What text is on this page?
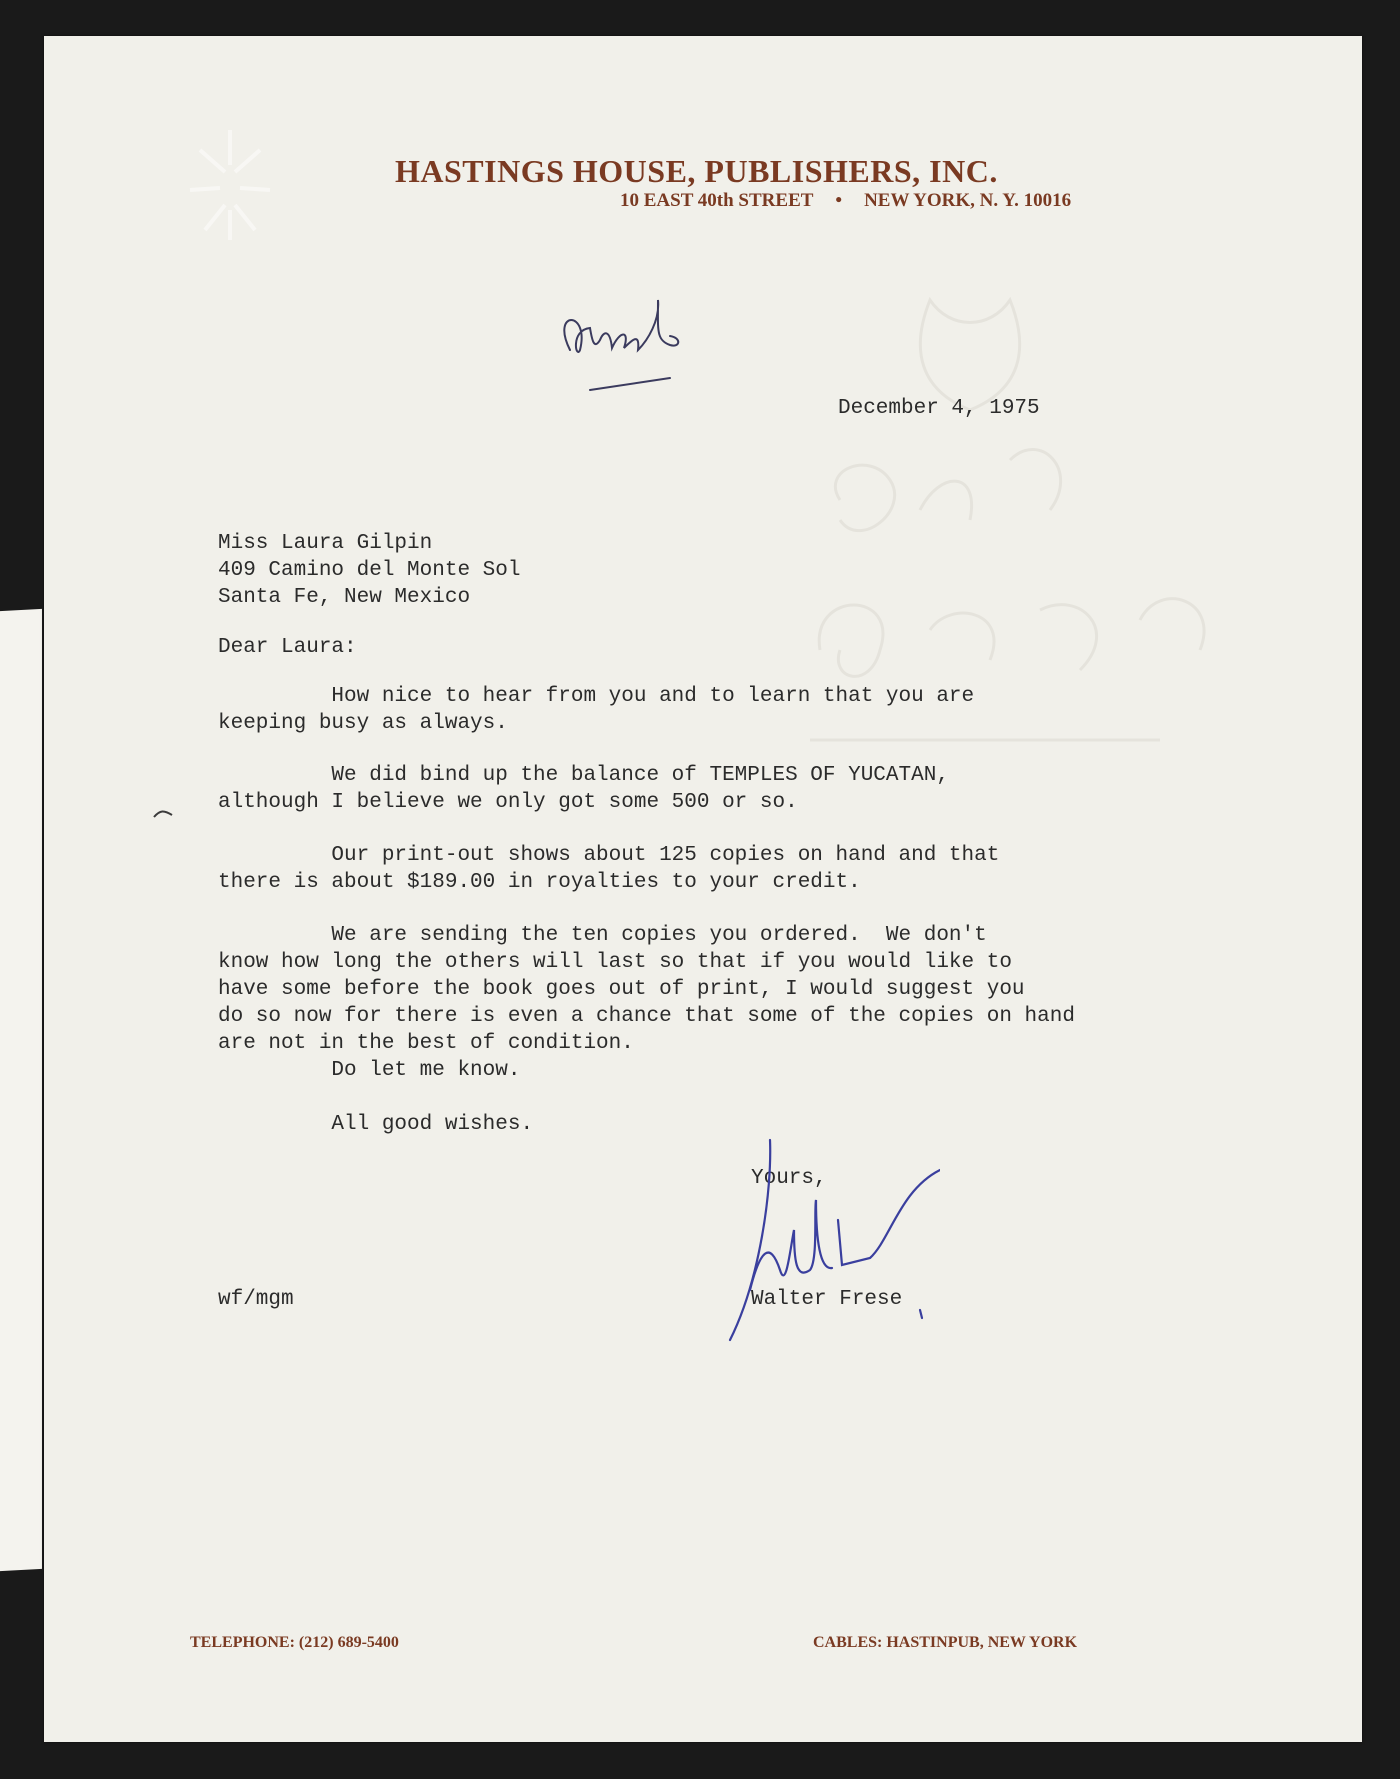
HASTINGS HOUSE, PUBLISHERS, INC.
10 EAST 40th STREET • NEW YORK, N. Y. 10016
December 4, 1975
Miss Laura Gilpin
409 Camino del Monte Sol
Santa Fe, New Mexico
Dear Laura:
How nice to hear from you and to learn that you are
keeping busy as always.
We did bind up the balance of TEMPLES OF YUCATAN,
although I believe we only got some 500 or so.
Our print-out shows about 125 copies on hand and that
there is about $189.00 in royalties to your credit.
We are sending the ten copies you ordered.  We don't
know how long the others will last so that if you would like to
have some before the book goes out of print, I would suggest you
do so now for there is even a chance that some of the copies on hand
are not in the best of condition.
Do let me know.
All good wishes.
Yours,
Walter Frese
wf/mgm
TELEPHONE: (212) 689-5400	CABLES: HASTINPUB, NEW YORK
